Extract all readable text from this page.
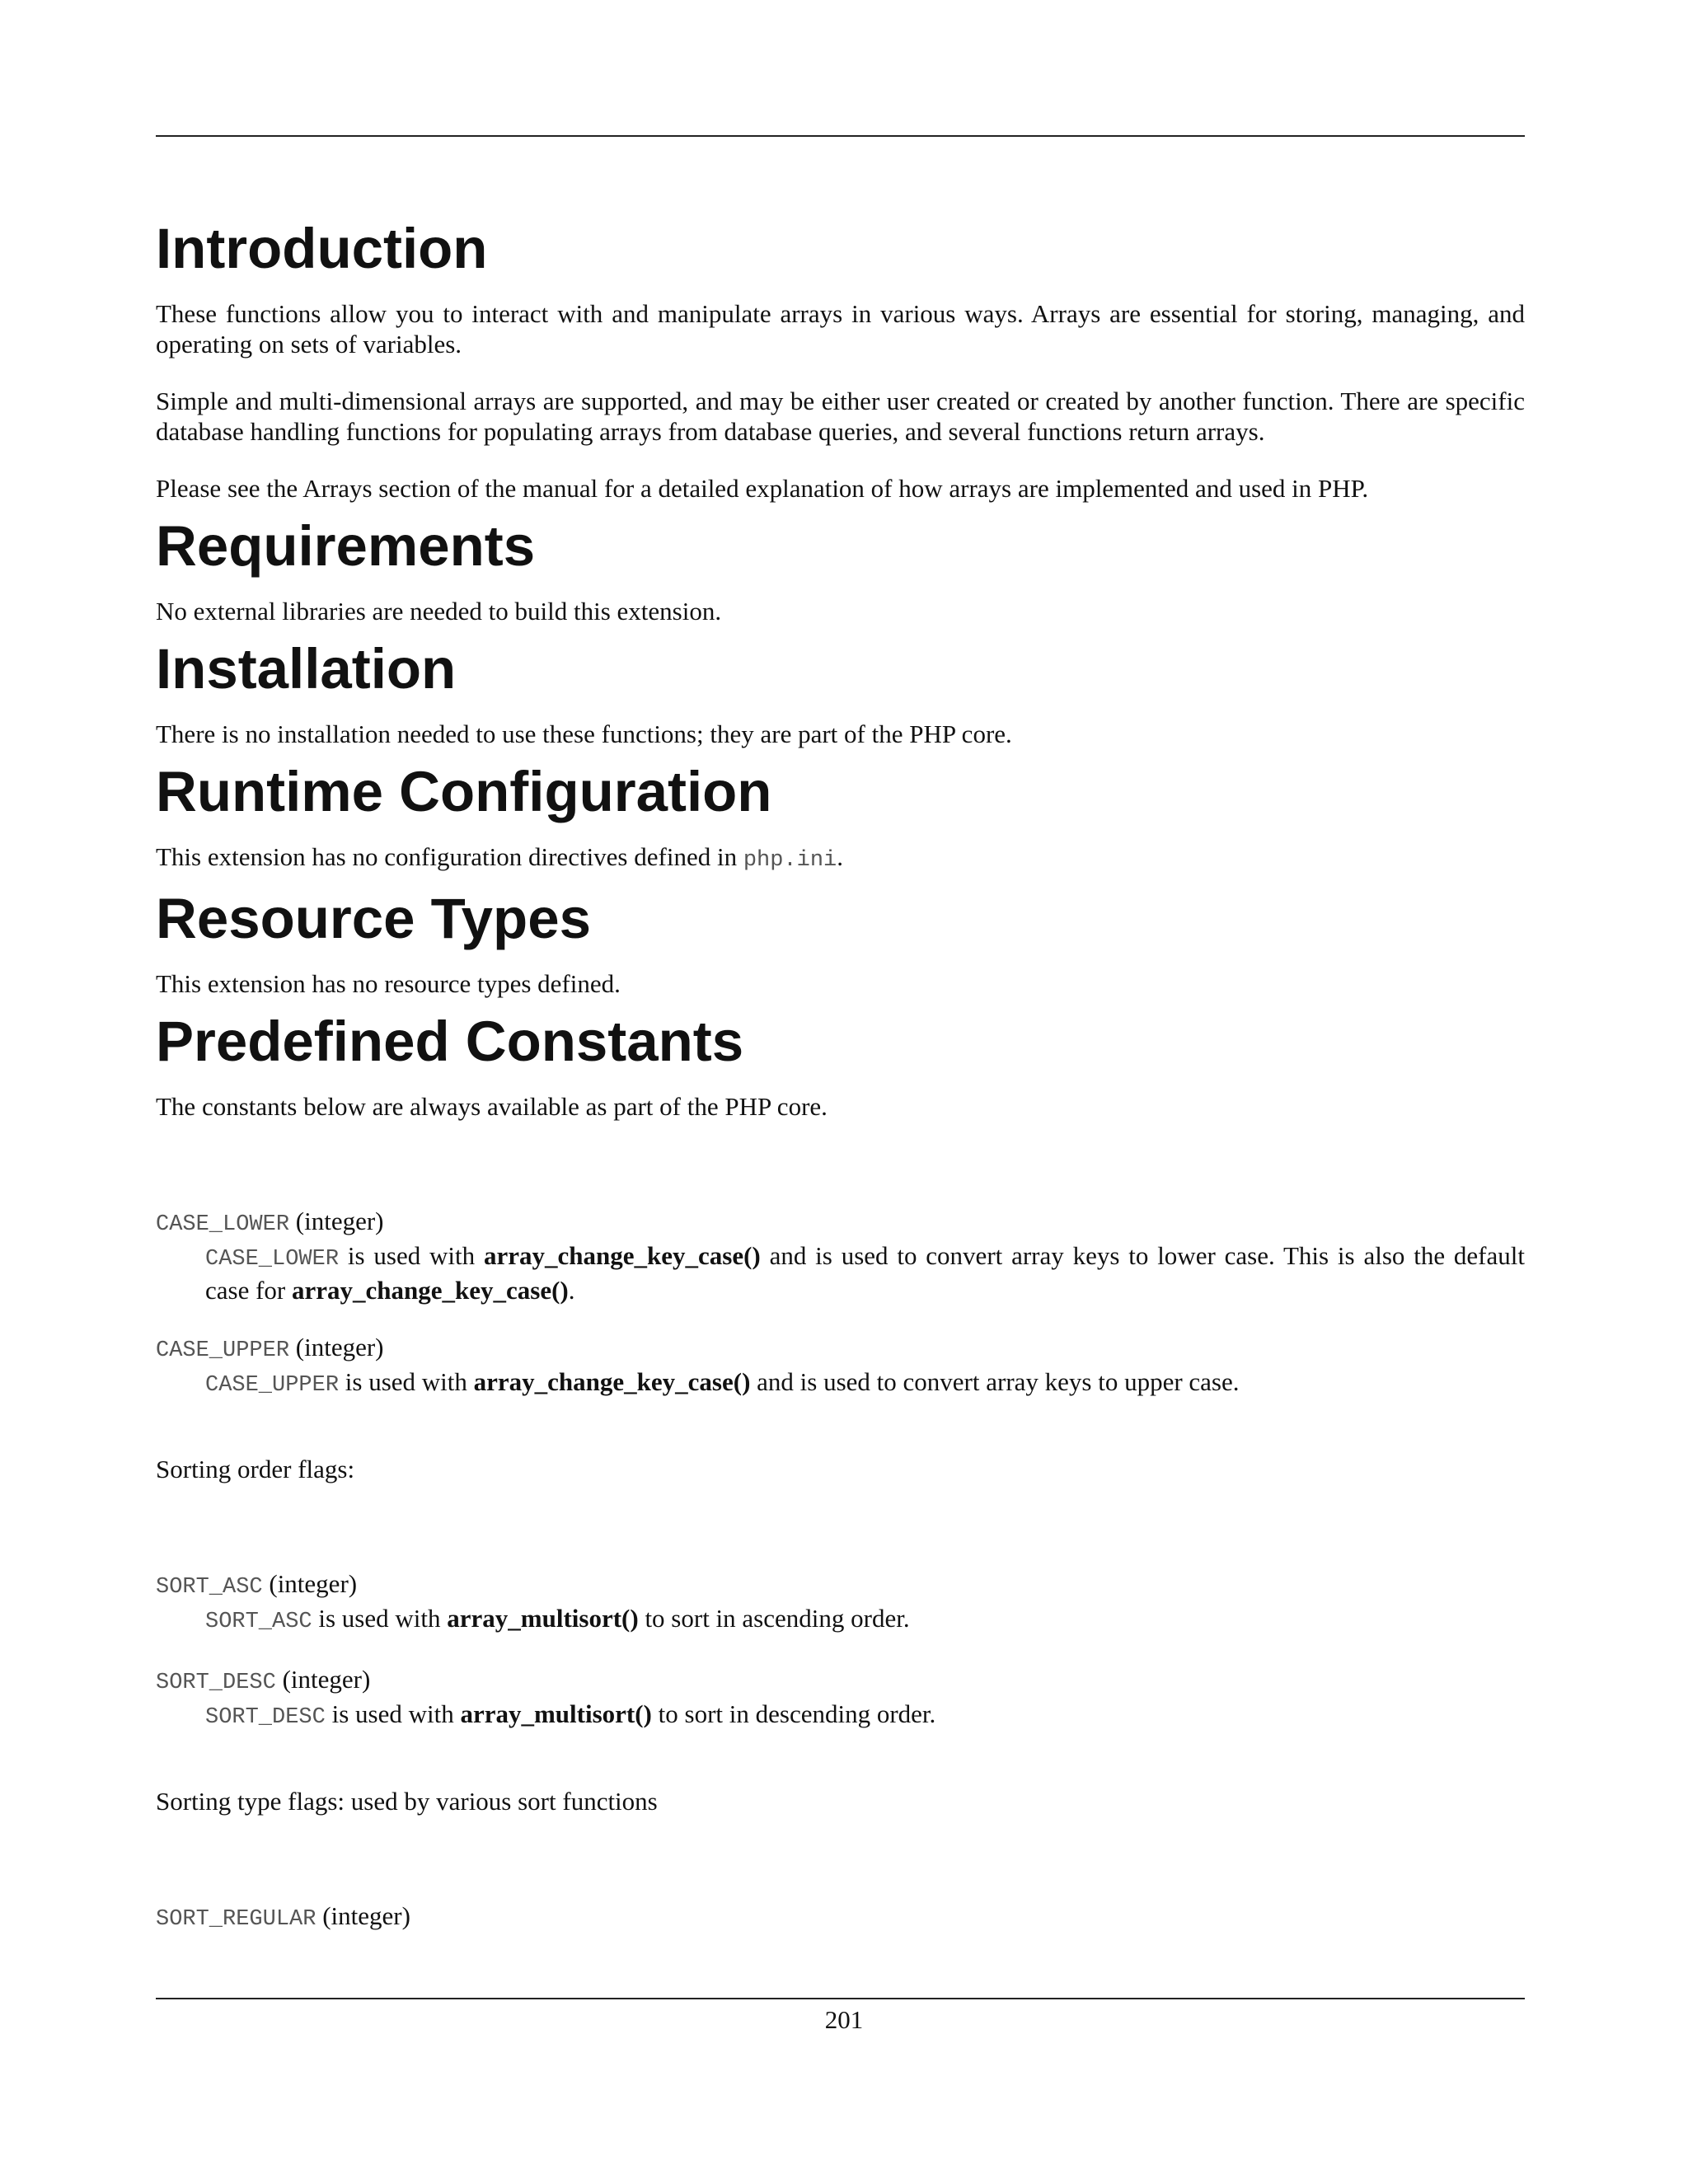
Introduction

These functions allow you to interact with and manipulate arrays in various ways. Arrays are essential for storing, managing, and operating on sets of variables.

Simple and multi-dimensional arrays are supported, and may be either user created or created by another function. There are specific database handling functions for populating arrays from database queries, and several functions return arrays.

Please see the Arrays section of the manual for a detailed explanation of how arrays are implemented and used in PHP.

Requirements

No external libraries are needed to build this extension.

Installation

There is no installation needed to use these functions; they are part of the PHP core.

Runtime Configuration

This extension has no configuration directives defined in php.ini.

Resource Types

This extension has no resource types defined.

Predefined Constants

The constants below are always available as part of the PHP core.

CASE_LOWER (integer)
CASE_LOWER is used with array_change_key_case() and is used to convert array keys to lower case. This is also the default case for array_change_key_case().
CASE_UPPER (integer)
CASE_UPPER is used with array_change_key_case() and is used to convert array keys to upper case.

Sorting order flags:

SORT_ASC (integer)
SORT_ASC is used with array_multisort() to sort in ascending order.
SORT_DESC (integer)
SORT_DESC is used with array_multisort() to sort in descending order.

Sorting type flags: used by various sort functions

SORT_REGULAR (integer)
201
